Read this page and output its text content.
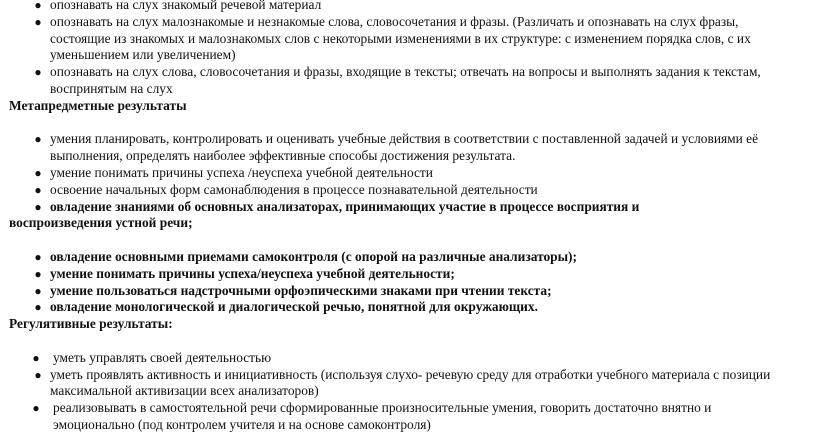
● опознавать на слух знакомый речевой материал
● опознавать на слух малознакомые и незнакомые слова, словосочетания и фразы. (Различать и опознавать на слух фразы, состоящие из знакомых и малознакомых слов с некоторыми изменениями в их структуре: с изменением порядка слов, с их уменьшением или увеличением)
● опознавать на слух слова, словосочетания и фразы, входящие в тексты; отвечать на вопросы и выполнять задания к текстам, воспринятым на слух
Метапредметные результаты
● умения планировать, контролировать и оценивать учебные действия в соответствии с поставленной задачей и условиями её выполнения, определять наиболее эффективные способы достижения результата.
● умение понимать причины успеха /неуспеха учебной деятельности
● освоение начальных форм самонаблюдения в процессе познавательной деятельности
● овладение знаниями об основных анализаторах, принимающих участие в процессе восприятия и
воспроизведения устной речи;
● овладение основными приемами самоконтроля (с опорой на различные анализаторы);
● умение понимать причины успеха/неуспеха учебной деятельности;
● умение пользоваться надстрочными орфоэпическими знаками при чтении текста;
● овладение монологической и диалогической речью, понятной для окружающих.
Регулятивные результаты:
● уметь управлять своей деятельностью
● уметь проявлять активность и инициативность (используя слухо- речевую среду для отработки учебного материала с позиции максимальной активизации всех анализаторов)
● реализовывать в самостоятельной речи сформированные произносительные умения, говорить достаточно внятно и эмоционально (под контролем учителя и на основе самоконтроля)
